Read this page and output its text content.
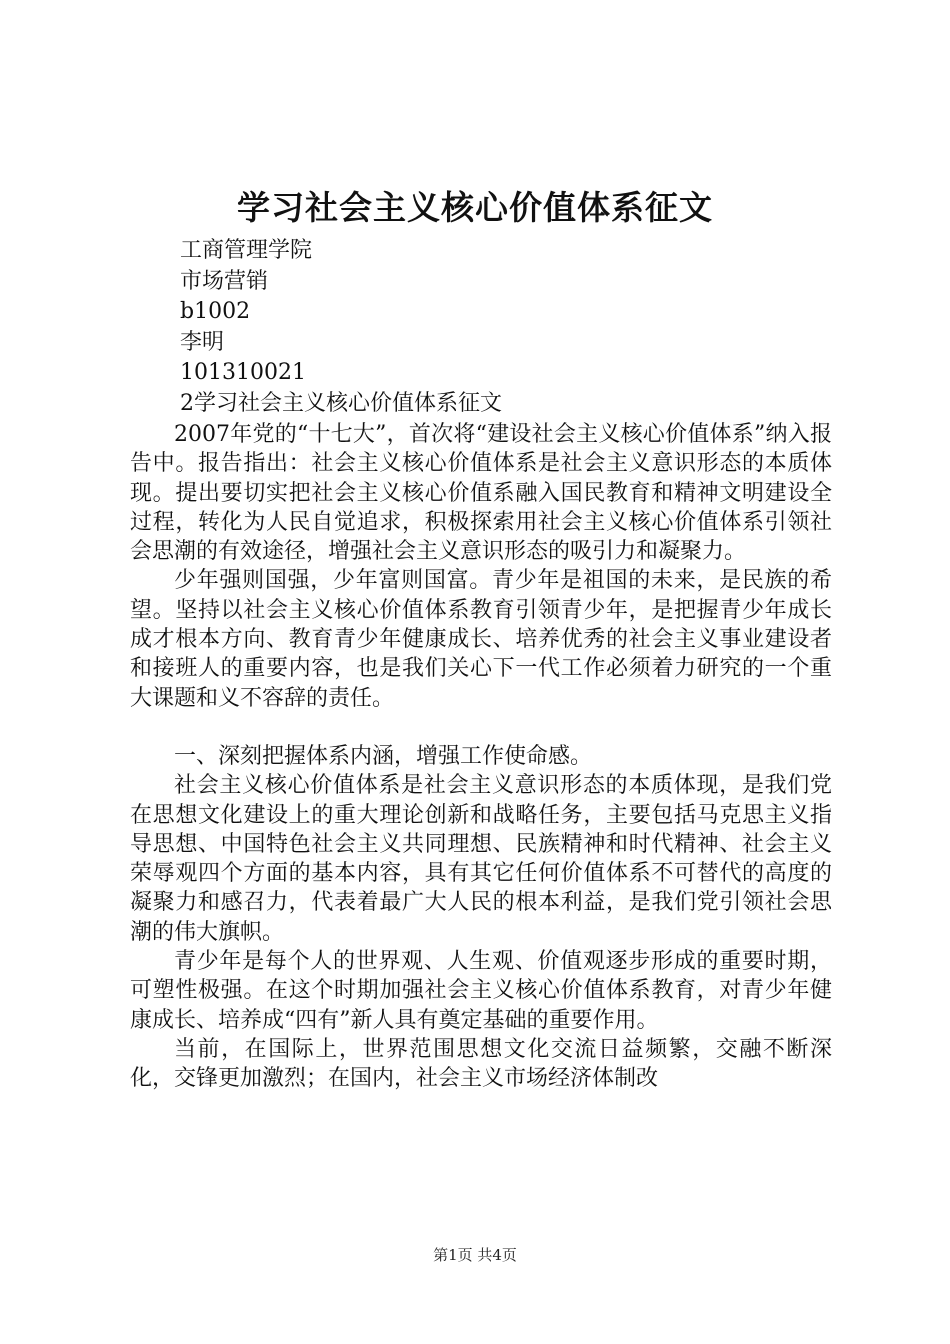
学习社会主义核心价值体系征文
工商管理学院
市场营销
b1002
李明
101310021
2学习社会主义核心价值体系征文

2007年党的“十七大”，首次将“建设社会主义核心价值体系”纳入报告中。报告指出：社会主义核心价值体系是社会主义意识形态的本质体现。提出要切实把社会主义核心价值系融入国民教育和精神文明建设全过程，转化为人民自觉追求，积极探索用社会主义核心价值体系引领社会思潮的有效途径，增强社会主义意识形态的吸引力和凝聚力。

少年强则国强，少年富则国富。青少年是祖国的未来，是民族的希望。坚持以社会主义核心价值体系教育引领青少年，是把握青少年成长成才根本方向、教育青少年健康成长、培养优秀的社会主义事业建设者和接班人的重要内容，也是我们关心下一代工作必须着力研究的一个重大课题和义不容辞的责任。

一、深刻把握体系内涵，增强工作使命感。

社会主义核心价值体系是社会主义意识形态的本质体现，是我们党在思想文化建设上的重大理论创新和战略任务，主要包括马克思主义指导思想、中国特色社会主义共同理想、民族精神和时代精神、社会主义荣辱观四个方面的基本内容，具有其它任何价值体系不可替代的高度的凝聚力和感召力，代表着最广大人民的根本利益，是我们党引领社会思潮的伟大旗帜。

青少年是每个人的世界观、人生观、价值观逐步形成的重要时期，可塑性极强。在这个时期加强社会主义核心价值体系教育，对青少年健康成长、培养成“四有”新人具有奠定基础的重要作用。

当前，在国际上，世界范围思想文化交流日益频繁，交融不断深化，交锋更加激烈；在国内，社会主义市场经济体制改

第1页 共4页
